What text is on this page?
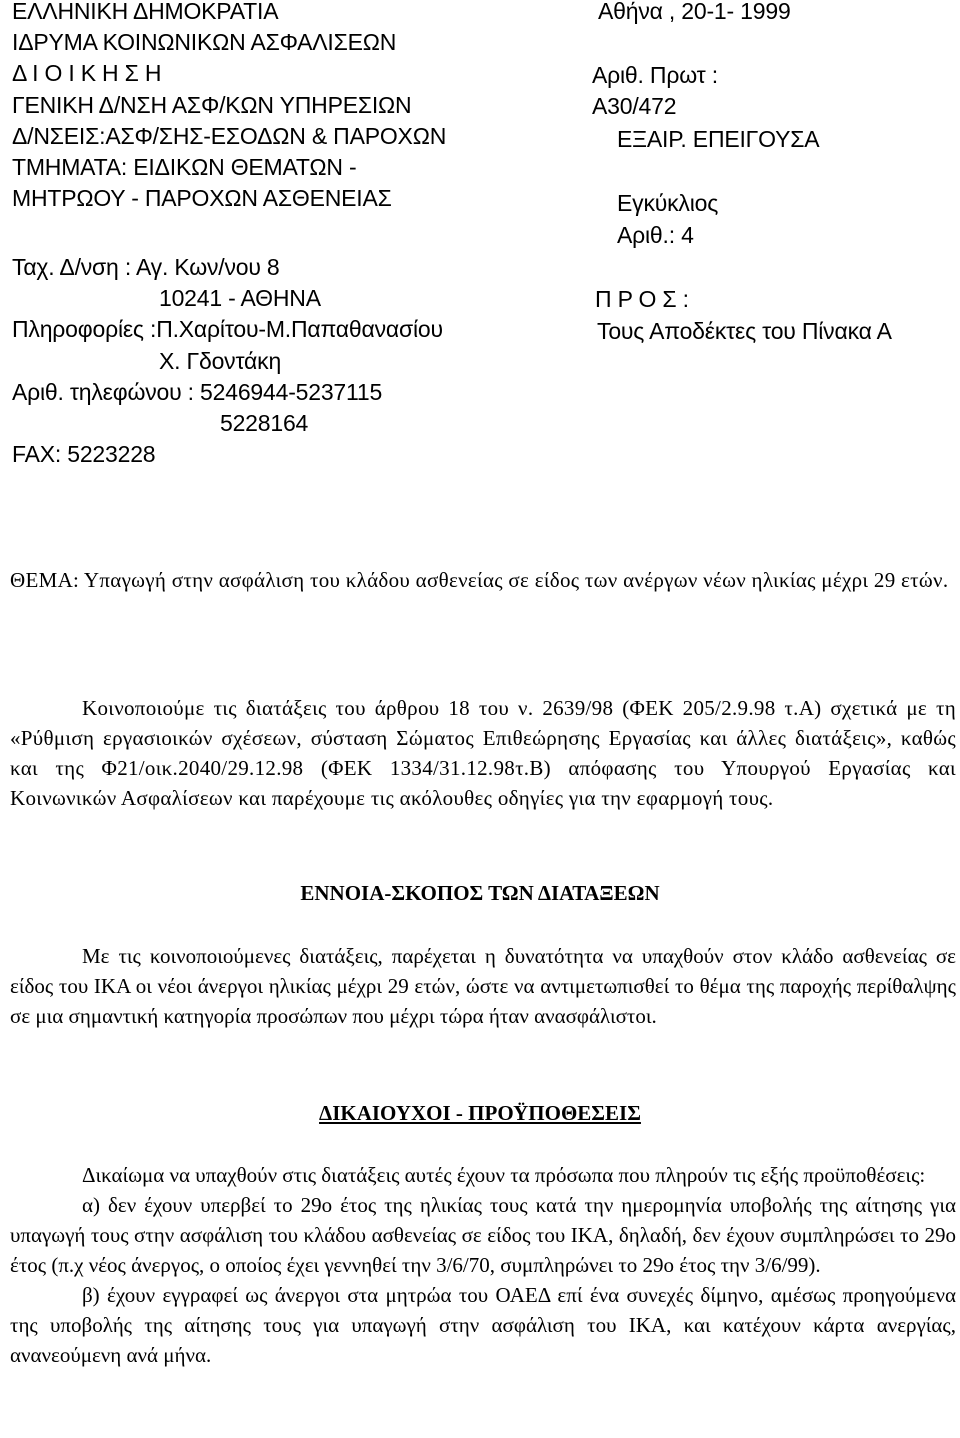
ΕΛΛΗΝΙΚΗ ΔΗΜΟΚΡΑΤΙΑ
ΙΔΡΥΜΑ ΚΟΙΝΩΝΙΚΩΝ ΑΣΦΑΛΙΣΕΩΝ
Δ Ι Ο Ι Κ Η Σ Η
ΓΕΝΙΚΗ Δ/ΝΣΗ ΑΣΦ/ΚΩΝ ΥΠΗΡΕΣΙΩΝ
Δ/ΝΣΕΙΣ:ΑΣΦ/ΣΗΣ-ΕΣΟΔΩΝ & ΠΑΡΟΧΩΝ
ΤΜΗΜΑΤΑ: ΕΙΔΙΚΩΝ ΘΕΜΑΤΩΝ -
ΜΗΤΡΩΟΥ - ΠΑΡΟΧΩΝ ΑΣΘΕΝΕΙΑΣ
Ταχ. Δ/νση : Αγ. Κων/νου 8
10241 - ΑΘΗΝΑ
Πληροφορίες :Π.Χαρίτου-Μ.Παπαθανασίου
Χ. Γδοντάκη
Αριθ. τηλεφώνου : 5246944-5237115
5228164
FAX: 5223228
Αθήνα , 20-1- 1999
Αριθ. Πρωτ :
Α30/472
ΕΞΑΙΡ. ΕΠΕΙΓΟΥΣΑ
Εγκύκλιος
Αριθ.: 4
Π Ρ Ο Σ :
Τους Αποδέκτες του Πίνακα Α

ΘΕΜΑ: Υπαγωγή στην ασφάλιση του κλάδου ασθενείας σε είδος των ανέργων νέων ηλικίας μέχρι 29 ετών.

Κοινοποιούμε τις διατάξεις του άρθρου 18 του ν. 2639/98 (ΦΕΚ 205/2.9.98 τ.Α) σχετικά με τη «Ρύθμιση εργασιοικών σχέσεων, σύσταση Σώματος Επιθεώρησης Εργασίας και άλλες διατάξεις», καθώς και της Φ21/οικ.2040/29.12.98 (ΦΕΚ 1334/31.12.98τ.Β) απόφασης του Υπουργού Εργασίας και Κοινωνικών Ασφαλίσεων και παρέχουμε τις ακόλουθες οδηγίες για την εφαρμογή τους.

ΕΝΝΟΙΑ-ΣΚΟΠΟΣ ΤΩΝ ΔΙΑΤΑΞΕΩΝ

Με τις κοινοποιούμενες διατάξεις, παρέχεται η δυνατότητα να υπαχθούν στον κλάδο ασθενείας σε είδος του ΙΚΑ οι νέοι άνεργοι ηλικίας μέχρι 29 ετών, ώστε να αντιμετωπισθεί το θέμα της παροχής περίθαλψης σε μια σημαντική κατηγορία προσώπων που μέχρι τώρα ήταν ανασφάλιστοι.

ΔΙΚΑΙΟΥΧΟΙ - ΠΡΟΫΠΟΘΕΣΕΙΣ

Δικαίωμα να υπαχθούν στις διατάξεις αυτές έχουν τα πρόσωπα που πληρούν τις εξής προϋποθέσεις:

α) δεν έχουν υπερβεί το 29ο έτος της ηλικίας τους κατά την ημερομηνία υποβολής της αίτησης για υπαγωγή τους στην ασφάλιση του κλάδου ασθενείας σε είδος του ΙΚΑ, δηλαδή, δεν έχουν συμπληρώσει το 29ο έτος (π.χ νέος άνεργος, ο οποίος έχει γεννηθεί την 3/6/70, συμπληρώνει το 29ο έτος την 3/6/99).

β) έχουν εγγραφεί ως άνεργοι στα μητρώα του ΟΑΕΔ επί ένα συνεχές δίμηνο, αμέσως προηγούμενα της υποβολής της αίτησης τους για υπαγωγή στην ασφάλιση του ΙΚΑ, και κατέχουν κάρτα ανεργίας, ανανεούμενη ανά μήνα.
